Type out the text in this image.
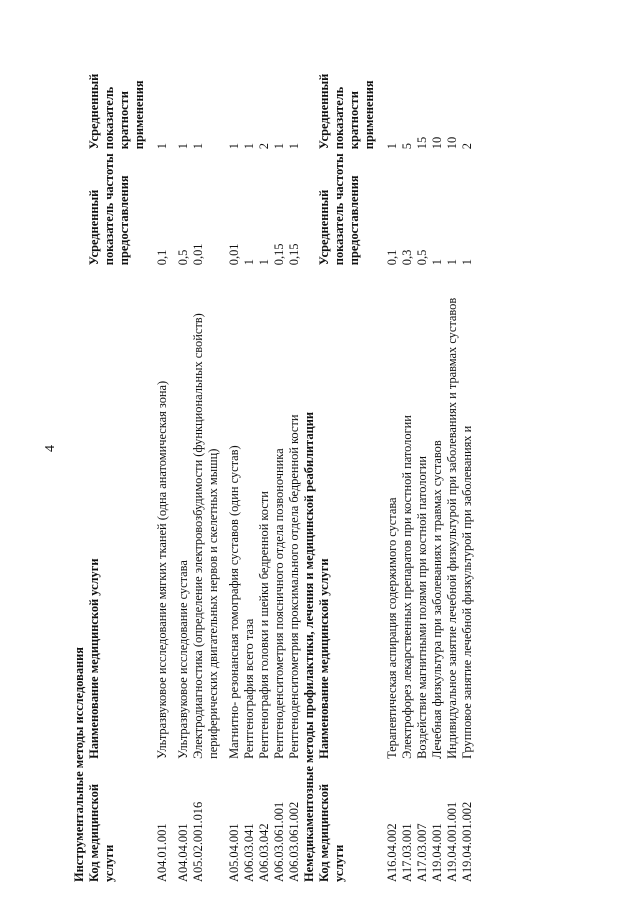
4
Инструментальные методы исследования Код медицинской услуги	Наименование медицинской услуги	Усредненный показатель частоты предоставления	Усредненный показатель кратности применения
A04.01.001	Ультразвуковое исследование мягких тканей (одна анатомическая зона)	0,1	1
A04.04.001	Ультразвуковое исследование сустава	0,5	1
A05.02.001.016	Электродиагностика (определение электровозбудимости (функциональных свойств) периферических двигательных нервов и скелетных мышц)	0,01	1
A05.04.001	Магнитно- резонансная томография суставов (один сустав)	0,01	1
A06.03.041	Рентгенография всего таза	1	1
A06.03.042	Рентгенография головки и шейки бедренной кости	1	2
A06.03.061.001	Рентгеноденситометрия поясничного отдела позвоночника	0,15	1
A06.03.061.002	Рентгеноденситометрия проксимального отдела бедренной кости	0,15	1
Немедикаментозные методы профилактики, лечения и медицинской реабилитации Код медицинской услуги	Наименование медицинской услуги	Усредненный показатель частоты предоставления	Усредненный показатель кратности применения
A16.04.002	Терапевтическая аспирация содержимого сустава	0,1	1
A17.03.001	Электрофорез лекарственных препаратов при костной патологии	0,3	5
A17.03.007	Воздействие магнитными полями при костной патологии	0,5	15
A19.04.001	Лечебная физкультура при заболеваниях и травмах суставов	1	10
A19.04.001.001	Индивидуальное занятие лечебной физкультурой при заболеваниях и травмах суставов	1	10
A19.04.001.002	Групповое занятие лечебной физкультурой при заболеваниях и	1	2
